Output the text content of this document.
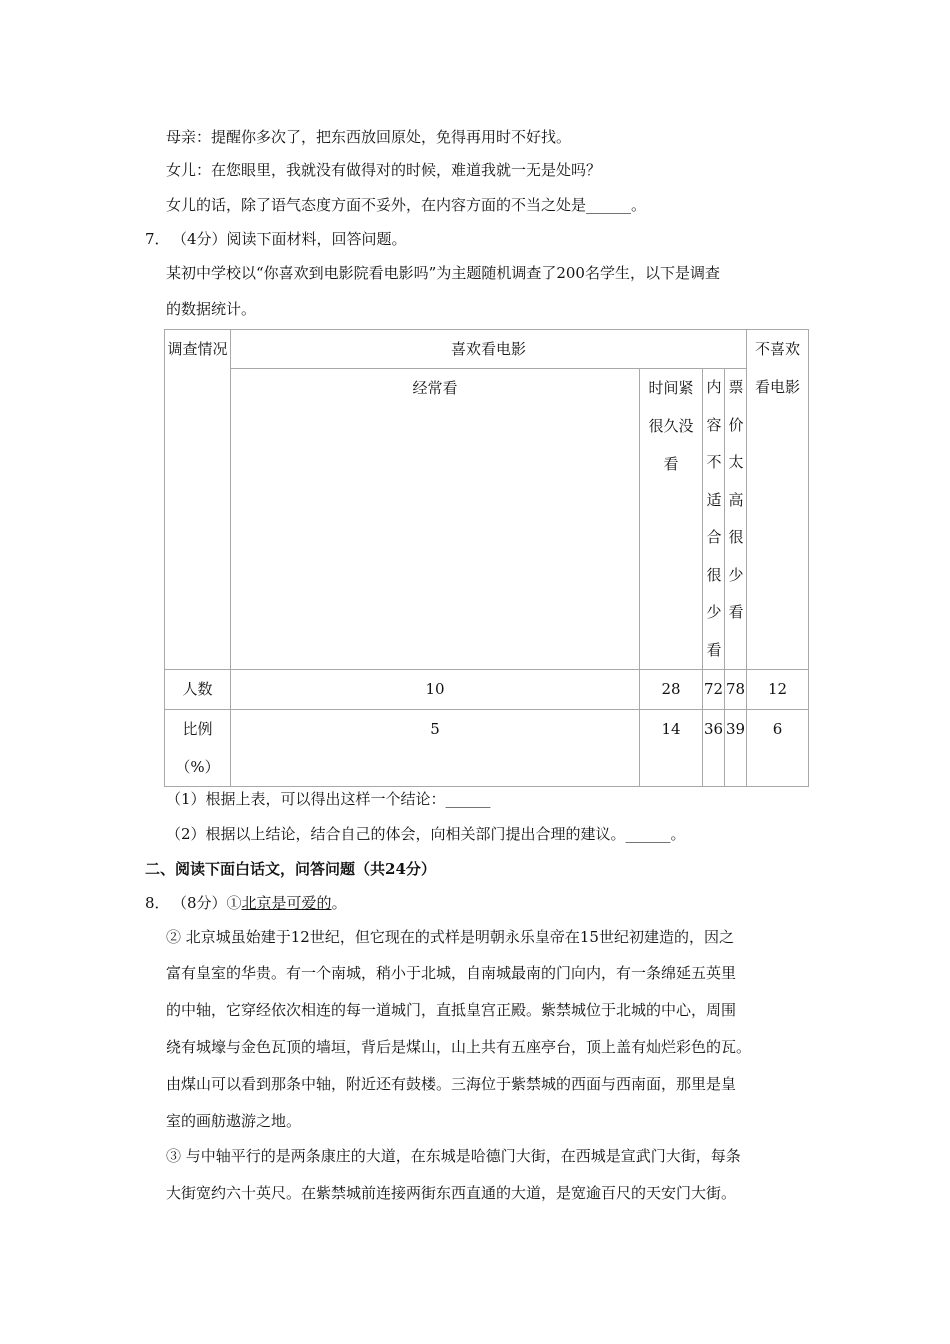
母亲：提醒你多次了，把东西放回原处，免得再用时不好找。
女儿：在您眼里，我就没有做得对的时候，难道我就一无是处吗？
女儿的话，除了语气态度方面不妥外，在内容方面的不当之处是______。
7． （4分）阅读下面材料，回答问题。
某初中学校以“你喜欢到电影院看电影吗”为主题随机调查了200名学生，以下是调查
的数据统计。
调查情况	喜欢看电影				不喜欢看电影

	经常看	时间紧很久没看	内容不适合很少看	票价太高很少看	

人数	10	28	72	78	12

比例（%）	5	14	36	39	6
（1）根据上表，可以得出这样一个结论：______
（2）根据以上结论，结合自己的体会，向相关部门提出合理的建议。______。
二、阅读下面白话文，问答问题（共24分）
8． （8分）①北京是可爱的。
② 北京城虽始建于12世纪，但它现在的式样是明朝永乐皇帝在15世纪初建造的，因之
富有皇室的华贵。有一个南城，稍小于北城，自南城最南的门向内，有一条绵延五英里
的中轴，它穿经依次相连的每一道城门，直抵皇宫正殿。紫禁城位于北城的中心，周围
绕有城壕与金色瓦顶的墙垣，背后是煤山，山上共有五座亭台，顶上盖有灿烂彩色的瓦。
由煤山可以看到那条中轴，附近还有鼓楼。三海位于紫禁城的西面与西南面，那里是皇
室的画舫遨游之地。
③ 与中轴平行的是两条康庄的大道，在东城是哈德门大街，在西城是宣武门大街，每条
大街宽约六十英尺。在紫禁城前连接两街东西直通的大道，是宽逾百尺的天安门大街。
